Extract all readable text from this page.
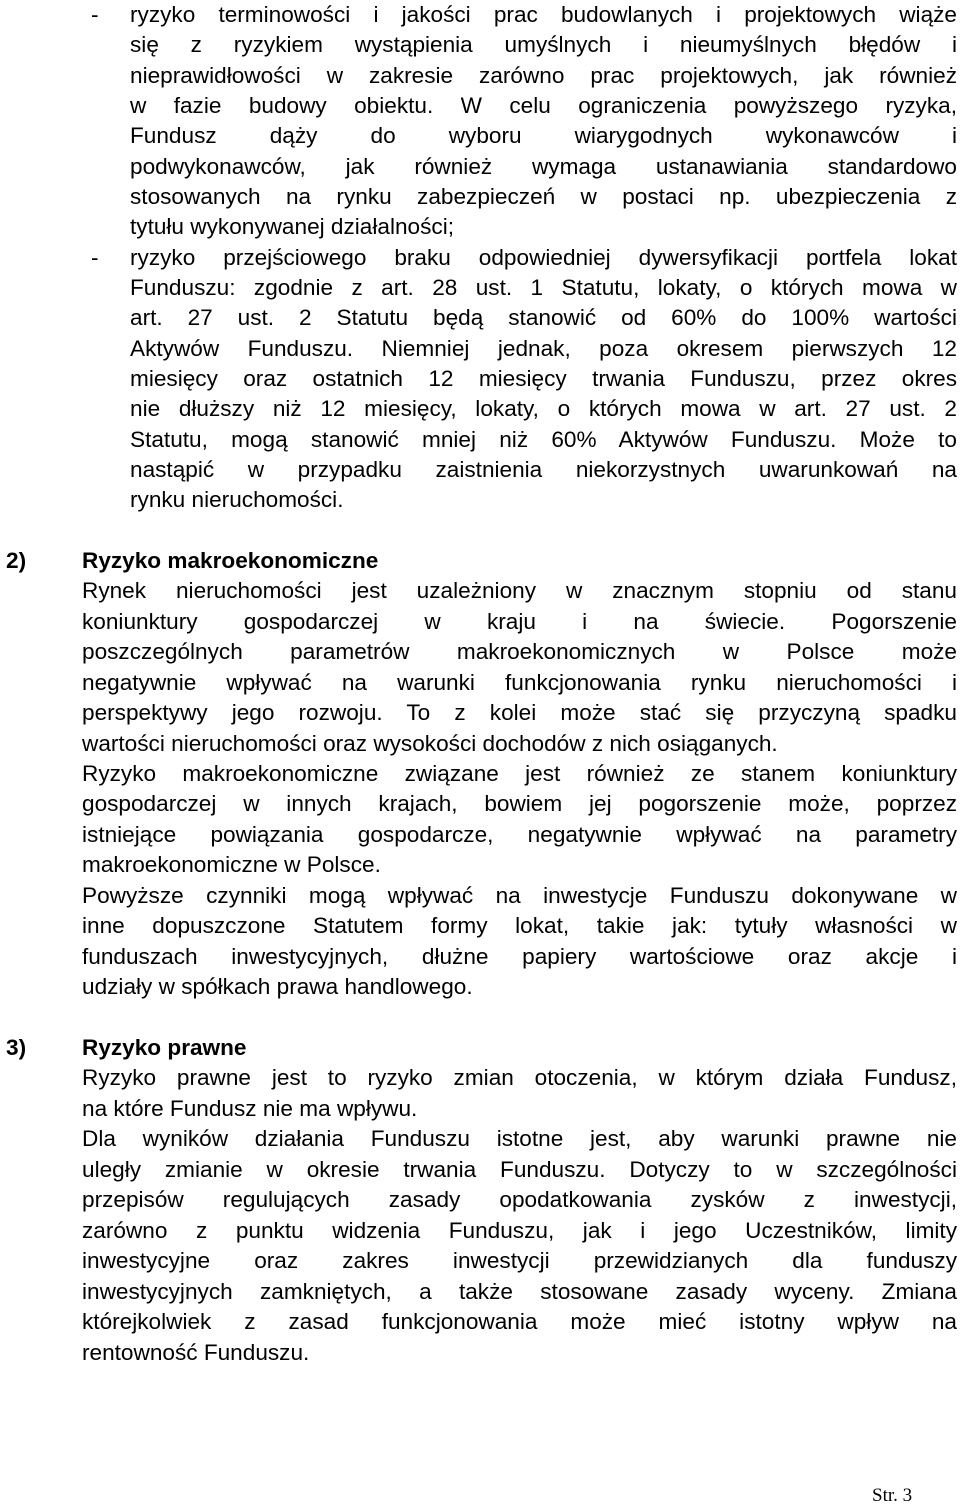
- ryzyko terminowości i jakości prac budowlanych i projektowych wiąże
się z ryzykiem wystąpienia umyślnych i nieumyślnych błędów i
nieprawidłowości w zakresie zarówno prac projektowych, jak również
w fazie budowy obiektu. W celu ograniczenia powyższego ryzyka,
Fundusz dąży do wyboru wiarygodnych wykonawców i
podwykonawców, jak również wymaga ustanawiania standardowo
stosowanych na rynku zabezpieczeń w postaci np. ubezpieczenia z
tytułu wykonywanej działalności;
- ryzyko przejściowego braku odpowiedniej dywersyfikacji portfela lokat
Funduszu: zgodnie z art. 28 ust. 1 Statutu, lokaty, o których mowa w
art. 27 ust. 2 Statutu będą stanowić od 60% do 100% wartości
Aktywów Funduszu. Niemniej jednak, poza okresem pierwszych 12
miesięcy oraz ostatnich 12 miesięcy trwania Funduszu, przez okres
nie dłuższy niż 12 miesięcy, lokaty, o których mowa w art. 27 ust. 2
Statutu, mogą stanowić mniej niż 60% Aktywów Funduszu. Może to
nastąpić w przypadku zaistnienia niekorzystnych uwarunkowań na
rynku nieruchomości.
2) Ryzyko makroekonomiczne
Rynek nieruchomości jest uzależniony w znacznym stopniu od stanu
koniunktury gospodarczej w kraju i na świecie. Pogorszenie
poszczególnych parametrów makroekonomicznych w Polsce może
negatywnie wpływać na warunki funkcjonowania rynku nieruchomości i
perspektywy jego rozwoju. To z kolei może stać się przyczyną spadku
wartości nieruchomości oraz wysokości dochodów z nich osiąganych.
Ryzyko makroekonomiczne związane jest również ze stanem koniunktury
gospodarczej w innych krajach, bowiem jej pogorszenie może, poprzez
istniejące powiązania gospodarcze, negatywnie wpływać na parametry
makroekonomiczne w Polsce.
Powyższe czynniki mogą wpływać na inwestycje Funduszu dokonywane w
inne dopuszczone Statutem formy lokat, takie jak: tytuły własności w
funduszach inwestycyjnych, dłużne papiery wartościowe oraz akcje i
udziały w spółkach prawa handlowego.
3) Ryzyko prawne
Ryzyko prawne jest to ryzyko zmian otoczenia, w którym działa Fundusz,
na które Fundusz nie ma wpływu.
Dla wyników działania Funduszu istotne jest, aby warunki prawne nie
uległy zmianie w okresie trwania Funduszu. Dotyczy to w szczególności
przepisów regulujących zasady opodatkowania zysków z inwestycji,
zarówno z punktu widzenia Funduszu, jak i jego Uczestników, limity
inwestycyjne oraz zakres inwestycji przewidzianych dla funduszy
inwestycyjnych zamkniętych, a także stosowane zasady wyceny. Zmiana
którejkolwiek z zasad funkcjonowania może mieć istotny wpływ na
rentowność Funduszu.
Str. 3
